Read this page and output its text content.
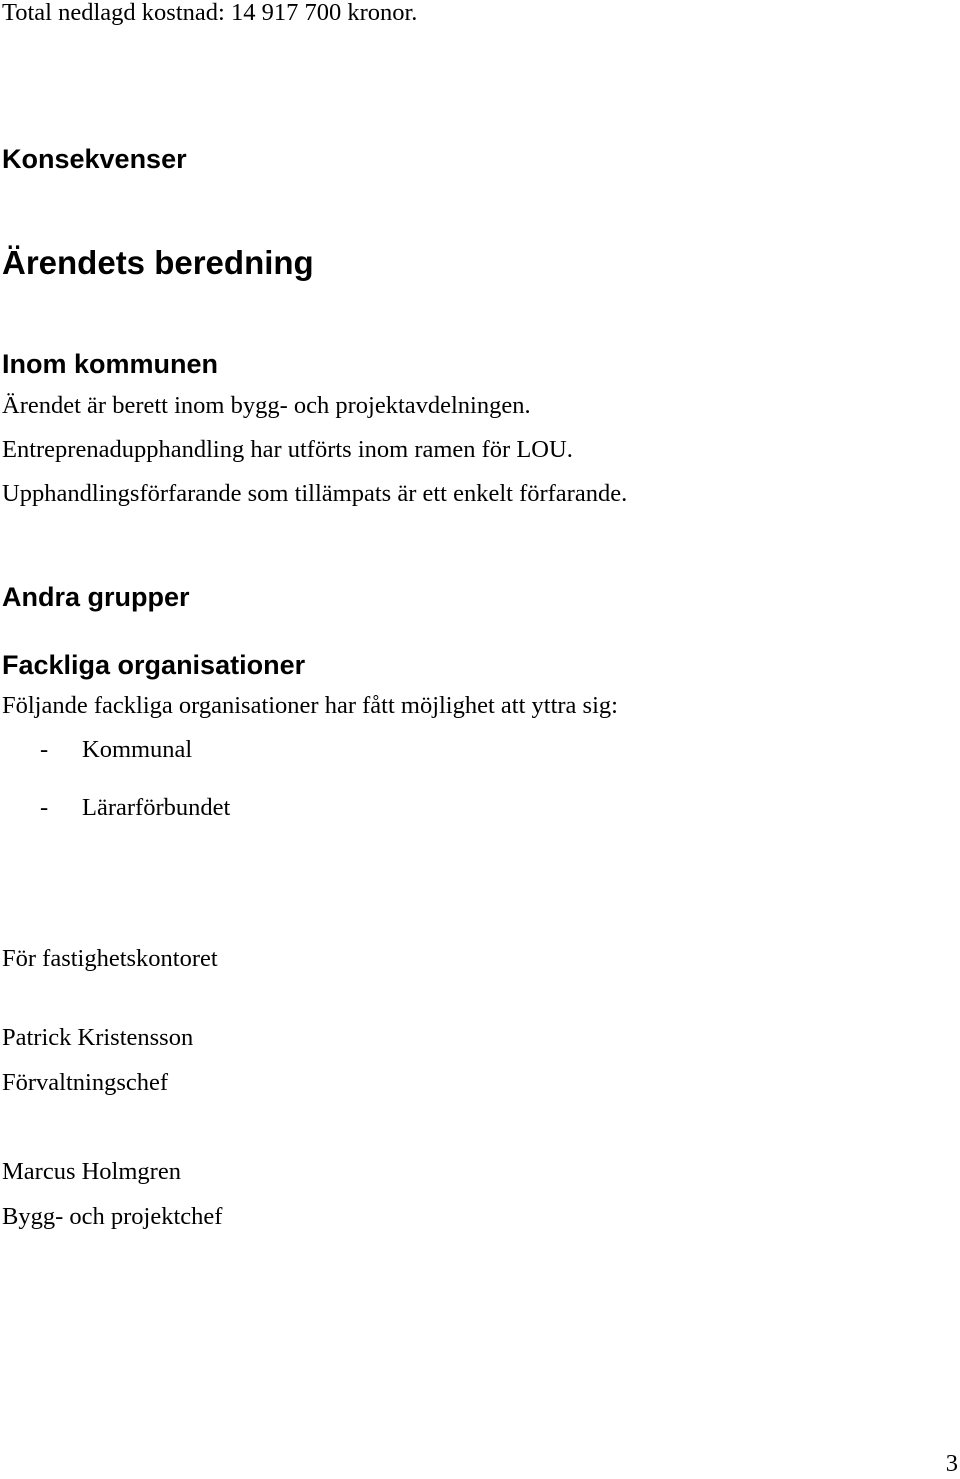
Total nedlagd kostnad: 14 917 700 kronor.
Konsekvenser
Ärendets beredning
Inom kommunen
Ärendet är berett inom bygg- och projektavdelningen.
Entreprenadupphandling har utförts inom ramen för LOU.
Upphandlingsförfarande som tillämpats är ett enkelt förfarande.
Andra grupper
Fackliga organisationer
Följande fackliga organisationer har fått möjlighet att yttra sig:
- Kommunal
- Lärarförbundet
För fastighetskontoret
Patrick Kristensson
Förvaltningschef
Marcus Holmgren
Bygg- och projektchef
3
